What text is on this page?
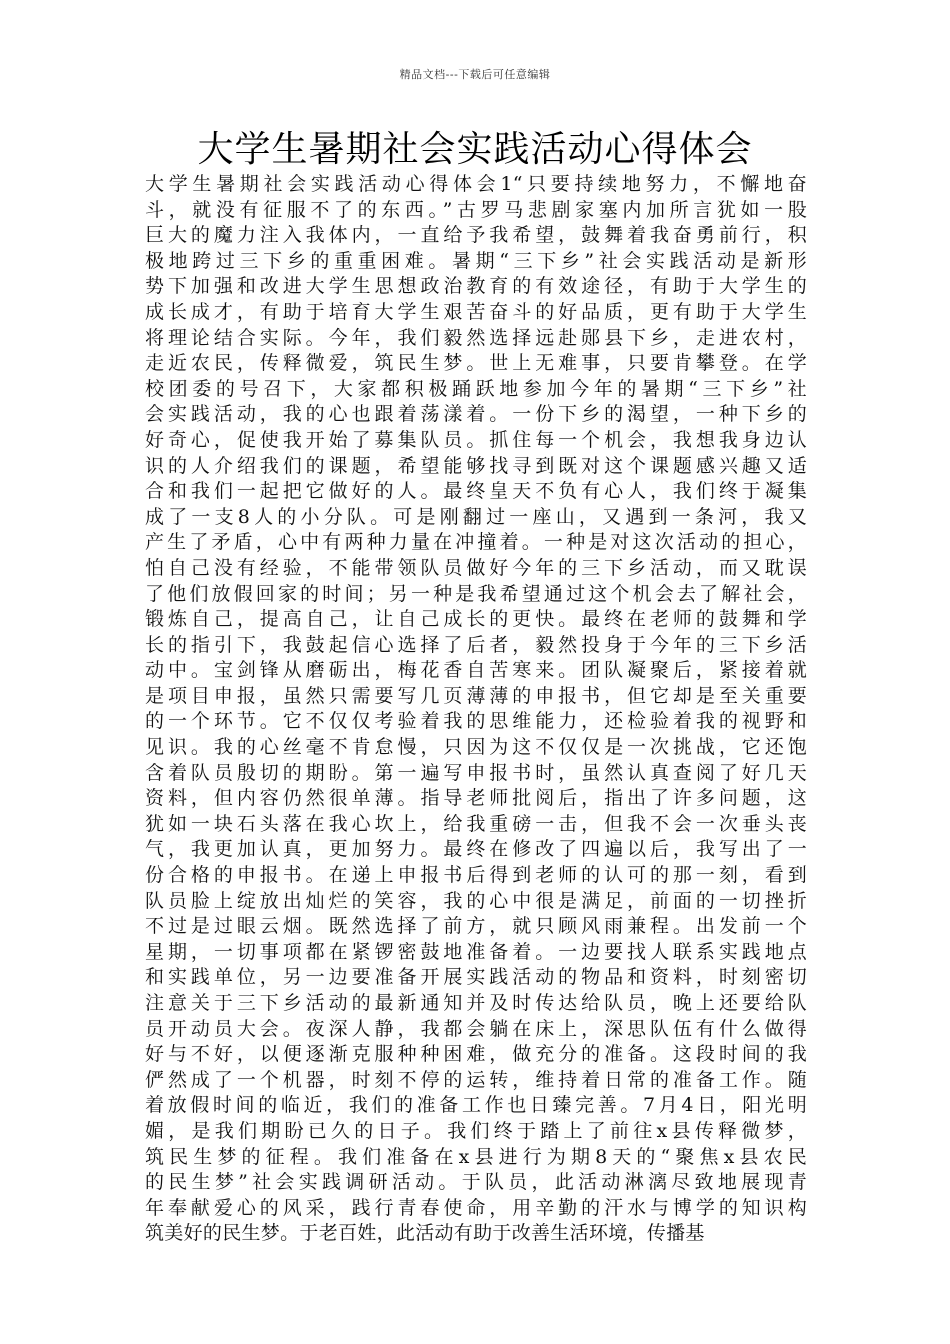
精品文档---下载后可任意编辑
大学生暑期社会实践活动心得体会
大学生暑期社会实践活动心得体会1“只要持续地努力，不懈地奋
斗，就没有征服不了的东西。”古罗马悲剧家塞内加所言犹如一股
巨大的魔力注入我体内，一直给予我希望，鼓舞着我奋勇前行，积
极地跨过三下乡的重重困难。暑期“三下乡”社会实践活动是新形
势下加强和改进大学生思想政治教育的有效途径，有助于大学生的
成长成才，有助于培育大学生艰苦奋斗的好品质，更有助于大学生
将理论结合实际。今年，我们毅然选择远赴郧县下乡，走进农村，
走近农民，传释微爱，筑民生梦。世上无难事，只要肯攀登。在学
校团委的号召下，大家都积极踊跃地参加今年的暑期“三下乡”社
会实践活动，我的心也跟着荡漾着。一份下乡的渴望，一种下乡的
好奇心，促使我开始了募集队员。抓住每一个机会，我想我身边认
识的人介绍我们的课题，希望能够找寻到既对这个课题感兴趣又适
合和我们一起把它做好的人。最终皇天不负有心人，我们终于凝集
成了一支8人的小分队。可是刚翻过一座山，又遇到一条河，我又
产生了矛盾，心中有两种力量在冲撞着。一种是对这次活动的担心，
怕自己没有经验，不能带领队员做好今年的三下乡活动，而又耽误
了他们放假回家的时间；另一种是我希望通过这个机会去了解社会，
锻炼自己，提高自己，让自己成长的更快。最终在老师的鼓舞和学
长的指引下，我鼓起信心选择了后者，毅然投身于今年的三下乡活
动中。宝剑锋从磨砺出，梅花香自苦寒来。团队凝聚后，紧接着就
是项目申报，虽然只需要写几页薄薄的申报书，但它却是至关重要
的一个环节。它不仅仅考验着我的思维能力，还检验着我的视野和
见识。我的心丝毫不肯怠慢，只因为这不仅仅是一次挑战，它还饱
含着队员殷切的期盼。第一遍写申报书时，虽然认真查阅了好几天
资料，但内容仍然很单薄。指导老师批阅后，指出了许多问题，这
犹如一块石头落在我心坎上，给我重磅一击，但我不会一次垂头丧
气，我更加认真，更加努力。最终在修改了四遍以后，我写出了一
份合格的申报书。在递上申报书后得到老师的认可的那一刻，看到
队员脸上绽放出灿烂的笑容，我的心中很是满足，前面的一切挫折
不过是过眼云烟。既然选择了前方，就只顾风雨兼程。出发前一个
星期，一切事项都在紧锣密鼓地准备着。一边要找人联系实践地点
和实践单位，另一边要准备开展实践活动的物品和资料，时刻密切
注意关于三下乡活动的最新通知并及时传达给队员，晚上还要给队
员开动员大会。夜深人静，我都会躺在床上，深思队伍有什么做得
好与不好，以便逐渐克服种种困难，做充分的准备。这段时间的我
俨然成了一个机器，时刻不停的运转，维持着日常的准备工作。随
着放假时间的临近，我们的准备工作也日臻完善。7月4日，阳光明
媚，是我们期盼已久的日子。我们终于踏上了前往x县传释微梦，
筑民生梦的征程。我们准备在x县进行为期8天的“聚焦x县农民
的民生梦”社会实践调研活动。于队员，此活动淋漓尽致地展现青
年奉献爱心的风采，践行青春使命，用辛勤的汗水与博学的知识构
筑美好的民生梦。于老百姓，此活动有助于改善生活环境，传播基
